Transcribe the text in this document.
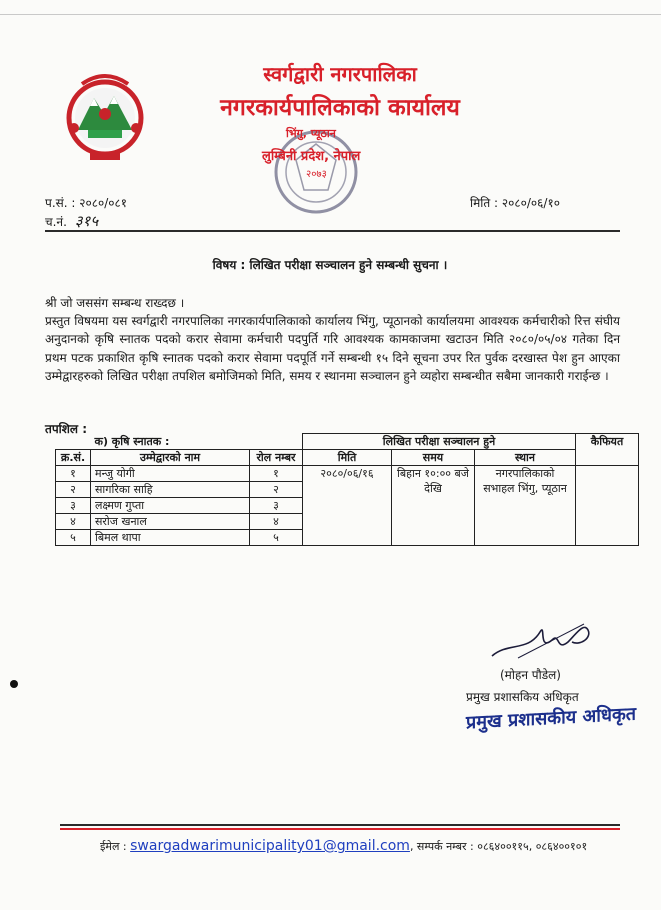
स्वर्गद्वारी नगरपालिका
नगरकार्यपालिकाको कार्यालय
भिंगु, प्यूठान
लुम्बिनी प्रदेश, नेपाल
२०७३
प.सं. : २०८०/०८१
च.नं. ३१५
मिति : २०८०/०६/१०
विषय : लिखित परीक्षा सञ्चालन हुने सम्बन्धी सुचना ।
श्री जो जससंग सम्बन्ध राख्दछ ।
प्रस्तुत विषयमा यस स्वर्गद्वारी नगरपालिका नगरकार्यपालिकाको कार्यालय भिंगु, प्यूठानको कार्यालयमा आवश्यक कर्मचारीको रित्त संघीय अनुदानको कृषि स्नातक पदको करार सेवामा कर्मचारी पदपुर्ति गरि आवश्यक कामकाजमा खटाउन मिति २०८०/०५/०४ गतेका दिन प्रथम पटक प्रकाशित कृषि स्नातक पदको करार सेवामा पदपूर्ति गर्ने सम्बन्धी १५ दिने सूचना उपर रित पुर्वक दरखास्त पेश हुन आएका उम्मेद्वारहरुको लिखित परीक्षा तपशिल बमोजिमको मिति, समय र स्थानमा सञ्चालन हुने व्यहोरा सम्बन्धीत सबैमा जानकारी गराईन्छ ।
तपशिल :
	क) कृषि स्नातक :		लिखित परीक्षा सञ्चालन हुने			कैफियत
			मिति	समय	स्थान	
क्र.सं.	उम्मेद्वारको नाम	रोल नम्बर				
१	मन्जु योगी	१	२०८०/०६/१६	बिहान १०:०० बजे देखि	नगरपालिकाको सभाहल भिंगु, प्यूठान	
२	सागरिका साहि	२				
३	लक्ष्मण गुप्ता	३				
४	सरोज खनाल	४				
५	बिमल थापा	५				
(मोहन पौडेल)
प्रमुख प्रशासकिय अधिकृत
प्रमुख प्रशासकीय अधिकृत
ईमेल : swargadwarimunicipality01@gmail.com, सम्पर्क नम्बर : ०८६४००११५, ०८६४००१०१
